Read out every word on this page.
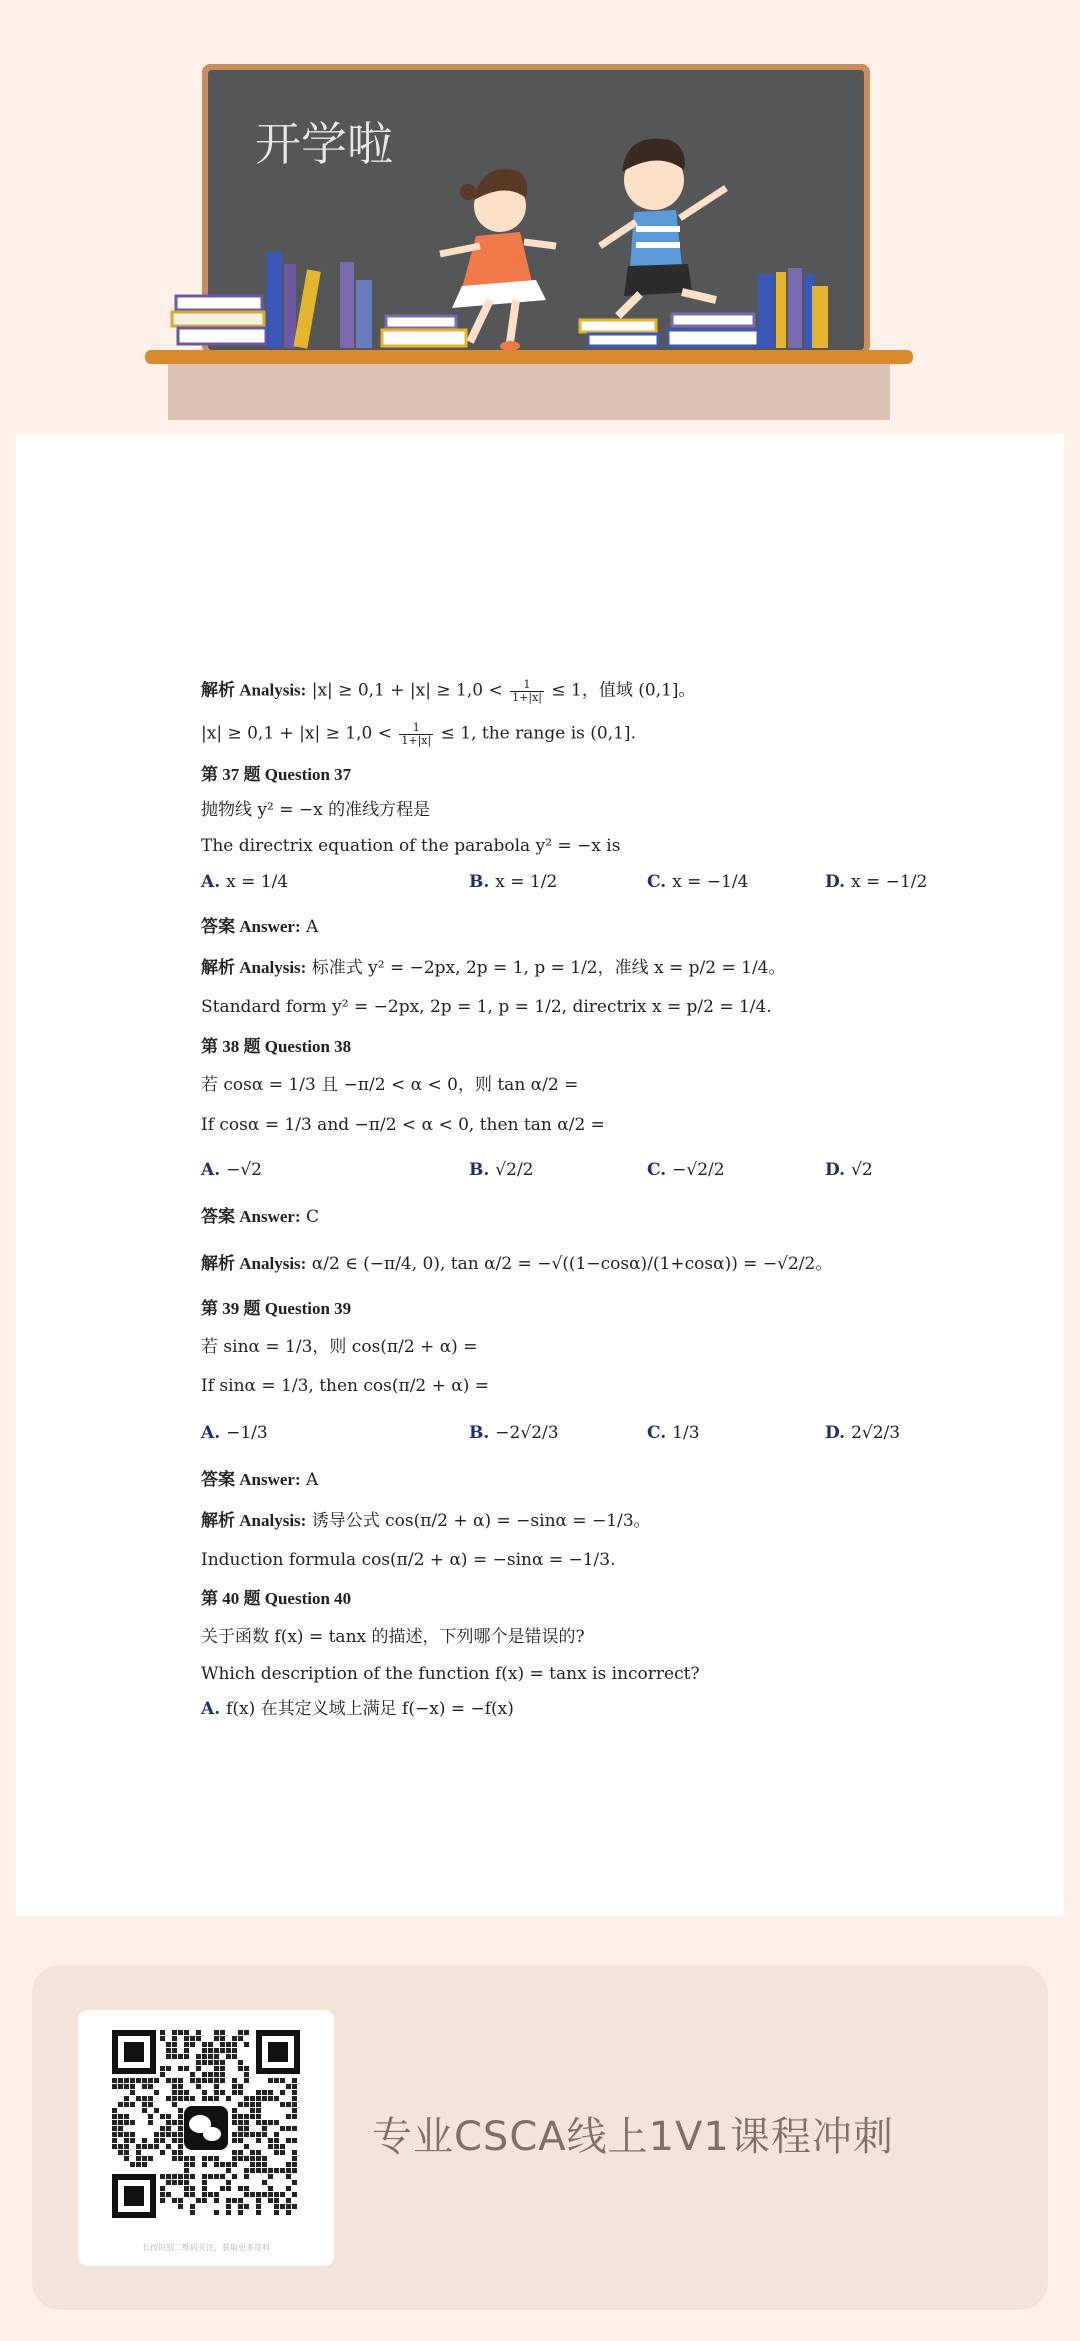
开学啦
解析 Analysis: $|x| \ge 0,1 + |x| \ge 1,0 < \frac{1}{1+|x|} \le 1$，值域 (0,1]。
$|x| \ge 0,1 + |x| \ge 1,0 < \frac{1}{1+|x|} \le 1$, the range is (0,1].
第 37 题 Question 37
抛物线 y² = −x 的准线方程是
The directrix equation of the parabola y² = −x is
A. x = 1/4	B. x = 1/2	C. x = −1/4	D. x = −1/2
答案 Answer: A
解析 Analysis: 标准式 y² = −2px, 2p = 1, p = 1/2，准线 x = p/2 = 1/4。
Standard form y² = −2px, 2p = 1, p = 1/2, directrix x = p/2 = 1/4.
第 38 题 Question 38
若 cosα = 1/3 且 −π/2 < α < 0，则 tan α/2 =
If cosα = 1/3 and −π/2 < α < 0, then tan α/2 =
A. −√2	B. √2/2	C. −√2/2	D. √2
答案 Answer: C
解析 Analysis: α/2 ∈ (−π/4, 0), tan α/2 = −√((1−cosα)/(1+cosα)) = −√2/2。
第 39 题 Question 39
若 sinα = 1/3，则 cos(π/2 + α) =
If sinα = 1/3, then cos(π/2 + α) =
A. −1/3	B. −2√2/3	C. 1/3	D. 2√2/3
答案 Answer: A
解析 Analysis: 诱导公式 cos(π/2 + α) = −sinα = −1/3。
Induction formula cos(π/2 + α) = −sinα = −1/3.
第 40 题 Question 40
关于函数 f(x) = tanx 的描述，下列哪个是错误的?
Which description of the function f(x) = tanx is incorrect?
A. f(x) 在其定义域上满足 f(−x) = −f(x)
长按识别二维码关注，获取更多资料
专业CSCA线上1V1课程冲刺
